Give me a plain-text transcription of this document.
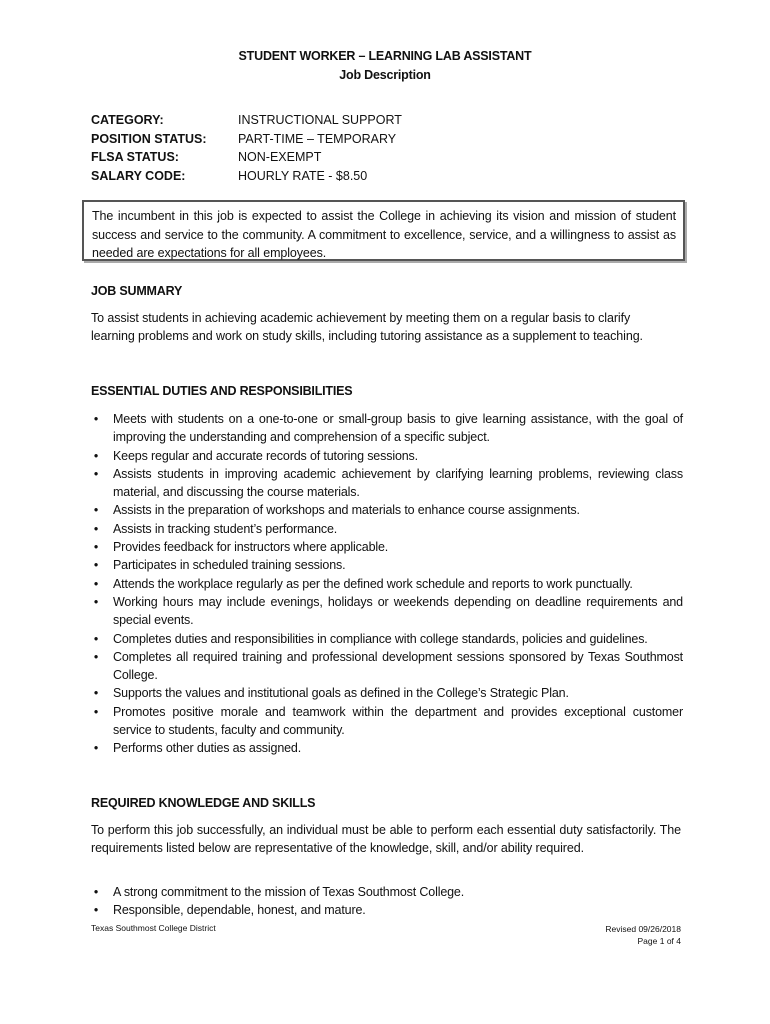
STUDENT WORKER – LEARNING LAB ASSISTANT
Job Description
CATEGORY:	INSTRUCTIONAL SUPPORT
POSITION STATUS:	PART-TIME – TEMPORARY
FLSA STATUS:	NON-EXEMPT
SALARY CODE:	HOURLY RATE - $8.50
The incumbent in this job is expected to assist the College in achieving its vision and mission of student success and service to the community. A commitment to excellence, service, and a willingness to assist as needed are expectations for all employees.
JOB SUMMARY
To assist students in achieving academic achievement by meeting them on a regular basis to clarify learning problems and work on study skills, including tutoring assistance as a supplement to teaching.
ESSENTIAL DUTIES AND RESPONSIBILITIES
• Meets with students on a one-to-one or small-group basis to give learning assistance, with the goal of improving the understanding and comprehension of a specific subject.
• Keeps regular and accurate records of tutoring sessions.
• Assists students in improving academic achievement by clarifying learning problems, reviewing class material, and discussing the course materials.
• Assists in the preparation of workshops and materials to enhance course assignments.
• Assists in tracking student’s performance.
• Provides feedback for instructors where applicable.
• Participates in scheduled training sessions.
• Attends the workplace regularly as per the defined work schedule and reports to work punctually.
• Working hours may include evenings, holidays or weekends depending on deadline requirements and special events.
• Completes duties and responsibilities in compliance with college standards, policies and guidelines.
• Completes all required training and professional development sessions sponsored by Texas Southmost College.
• Supports the values and institutional goals as defined in the College’s Strategic Plan.
• Promotes positive morale and teamwork within the department and provides exceptional customer service to students, faculty and community.
• Performs other duties as assigned.
REQUIRED KNOWLEDGE AND SKILLS
To perform this job successfully, an individual must be able to perform each essential duty satisfactorily. The requirements listed below are representative of the knowledge, skill, and/or ability required.
• A strong commitment to the mission of Texas Southmost College.
• Responsible, dependable, honest, and mature.
Texas Southmost College District	Revised 09/26/2018
Page 1 of 4
